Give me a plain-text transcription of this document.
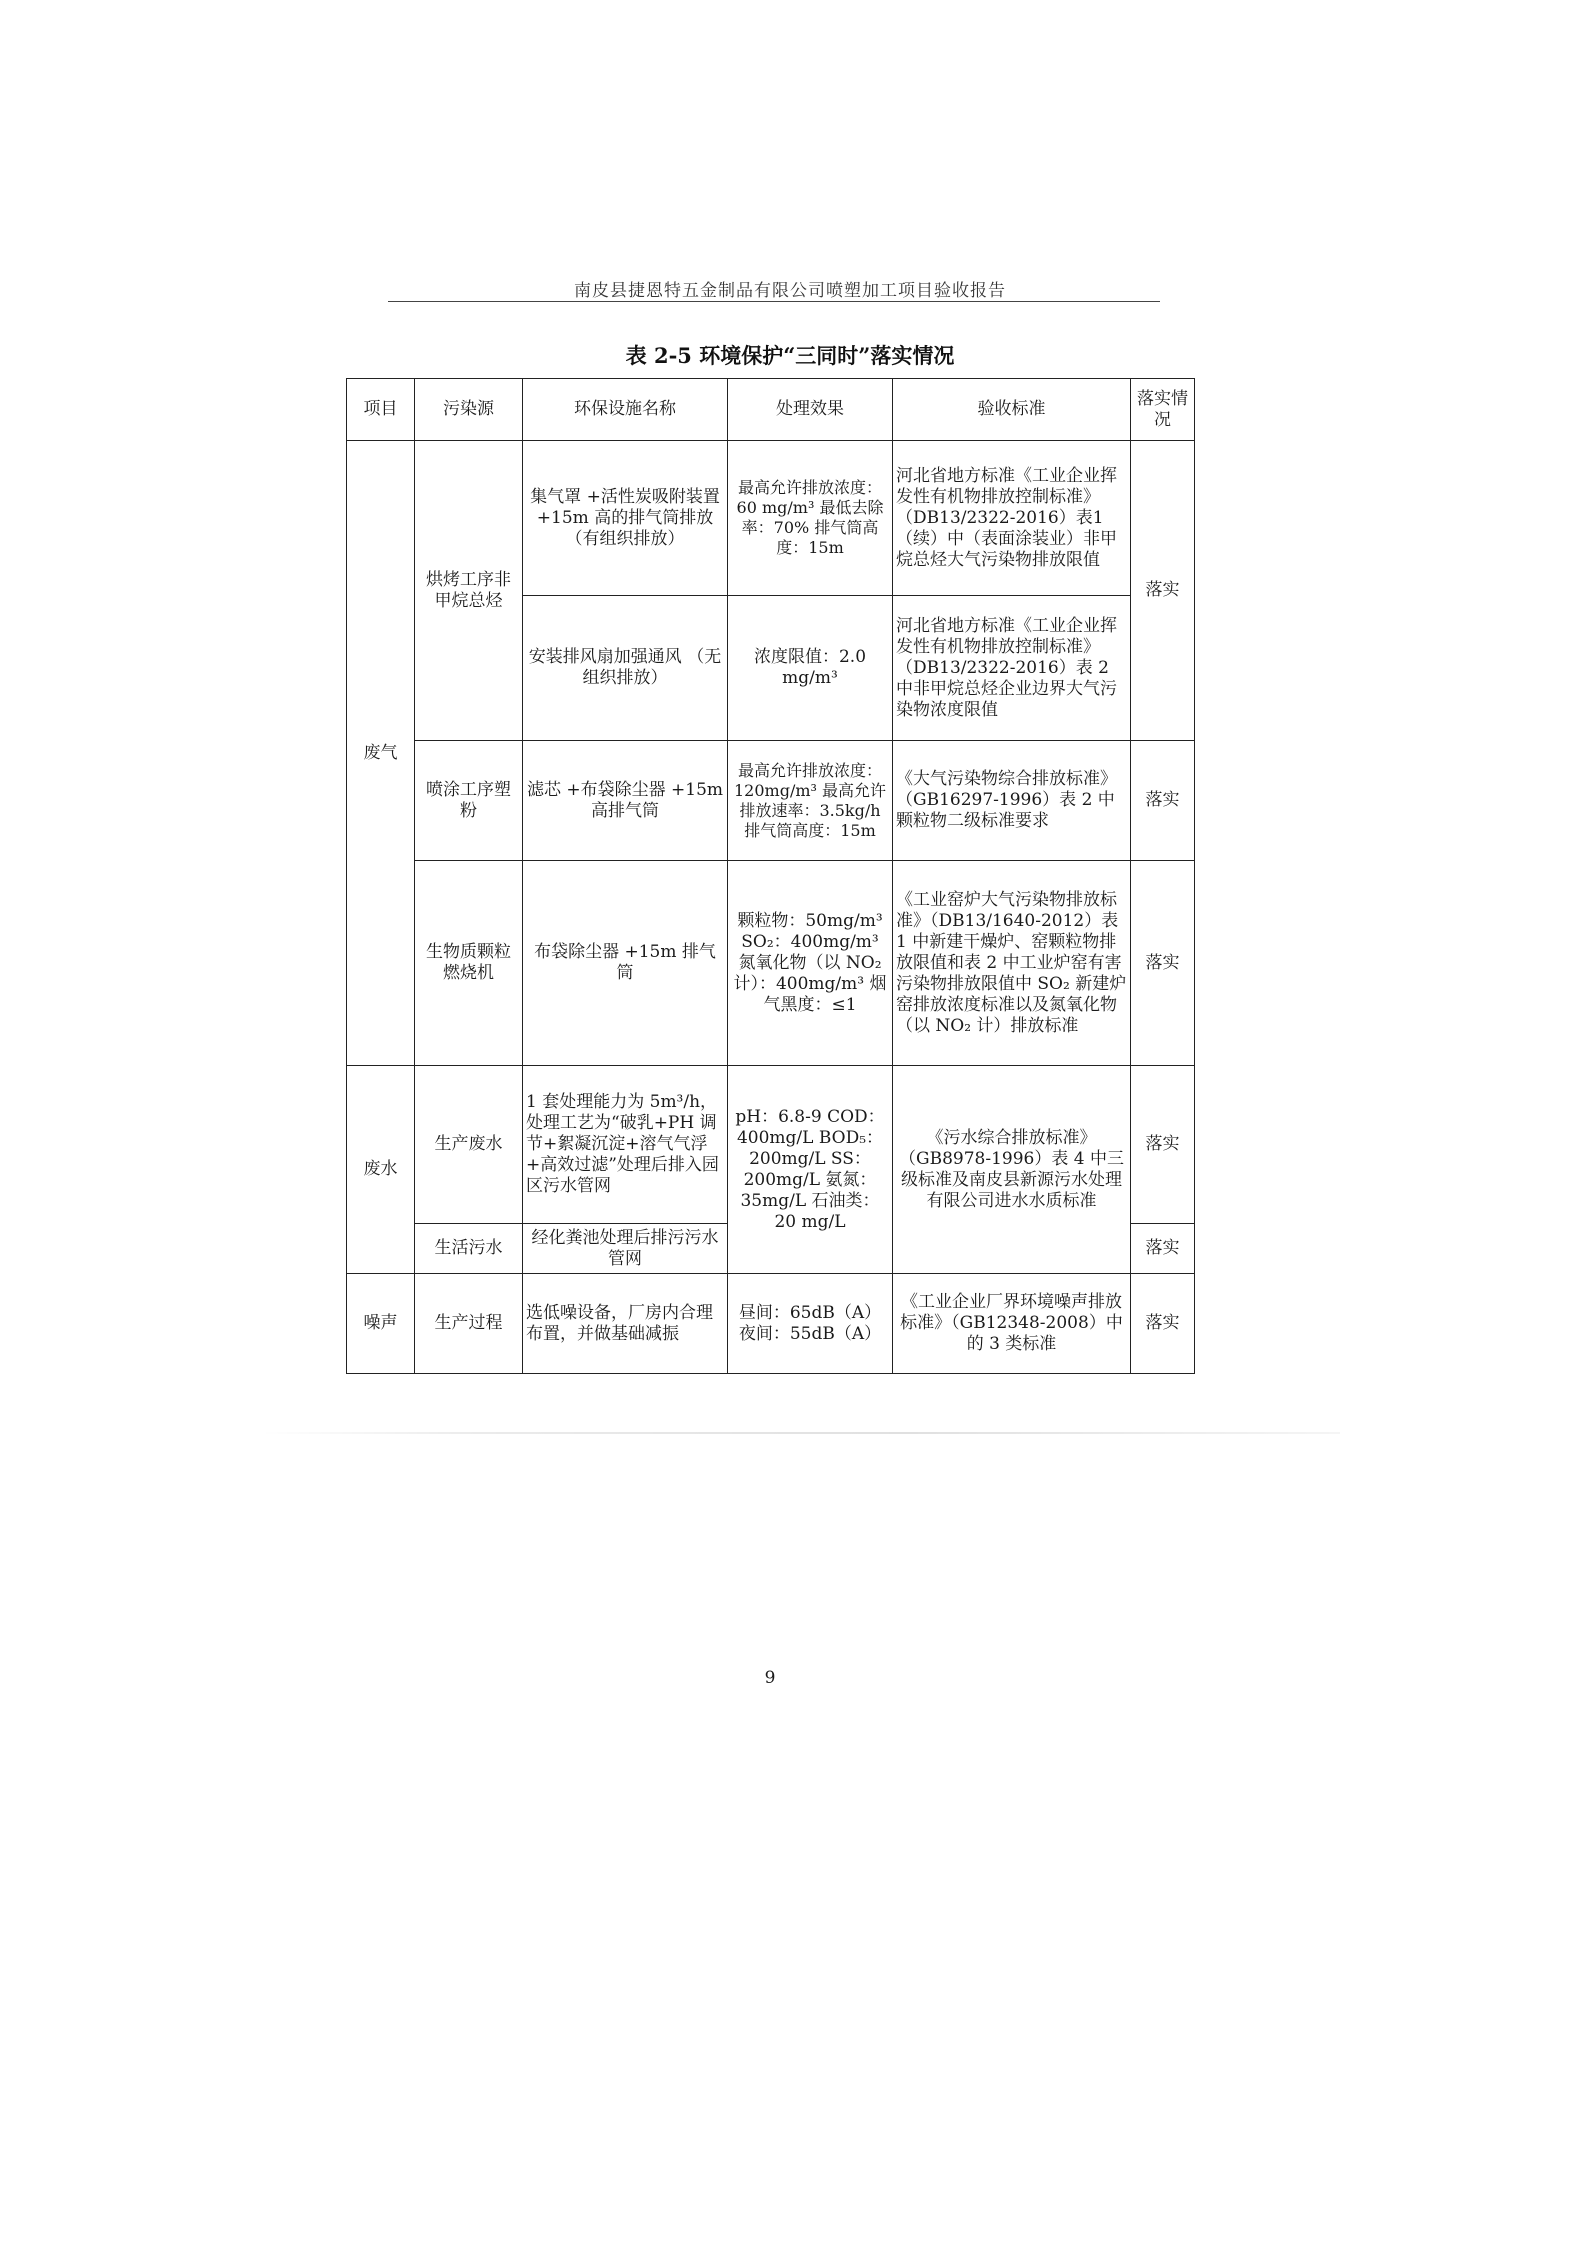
南皮县捷恩特五金制品有限公司喷塑加工项目验收报告
表 2-5 环境保护“三同时”落实情况
项目	污染源	环保设施名称	处理效果	验收标准	落实情况
废气	烘烤工序非甲烷总烃	集气罩 +活性炭吸附装置 +15m 高的排气筒排放 （有组织排放）	最高允许排放浓度：60 mg/m³ 最低去除率：70% 排气筒高度：15m	河北省地方标准《工业企业挥发性有机物排放控制标准》（DB13/2322-2016）表1（续）中（表面涂装业）非甲烷总烃大气污染物排放限值	落实
		安装排风扇加强通风 （无组织排放）	浓度限值：2.0 mg/m³	河北省地方标准《工业企业挥发性有机物排放控制标准》（DB13/2322-2016）表 2 中非甲烷总烃企业边界大气污染物浓度限值	
	喷涂工序塑粉	滤芯 +布袋除尘器 +15m 高排气筒	最高允许排放浓度：120mg/m³ 最高允许排放速率：3.5kg/h 排气筒高度：15m	《大气污染物综合排放标准》（GB16297-1996）表 2 中颗粒物二级标准要求	落实
	生物质颗粒燃烧机	布袋除尘器 +15m 排气筒	颗粒物：50mg/m³ SO₂：400mg/m³ 氮氧化物（以 NO₂ 计）：400mg/m³ 烟气黑度：≤1	《工业窑炉大气污染物排放标准》（DB13/1640-2012）表 1 中新建干燥炉、窑颗粒物排放限值和表 2 中工业炉窑有害污染物排放限值中 SO₂ 新建炉窑排放浓度标准以及氮氧化物（以 NO₂ 计）排放标准	落实
废水	生产废水	1 套处理能力为 5m³/h，处理工艺为“破乳+PH 调节+絮凝沉淀+溶气气浮+高效过滤”处理后排入园区污水管网	pH：6.8-9 COD：400mg/L BOD₅：200mg/L SS：200mg/L 氨氮：35mg/L 石油类：20 mg/L	《污水综合排放标准》（GB8978-1996）表 4 中三级标准及南皮县新源污水处理有限公司进水水质标准	落实
	生活污水	经化粪池处理后排污污水管网			落实
噪声	生产过程	选低噪设备，厂房内合理布置，并做基础减振	昼间：65dB（A） 夜间：55dB（A）	《工业企业厂界环境噪声排放标准》（GB12348-2008）中的 3 类标准	落实
9
